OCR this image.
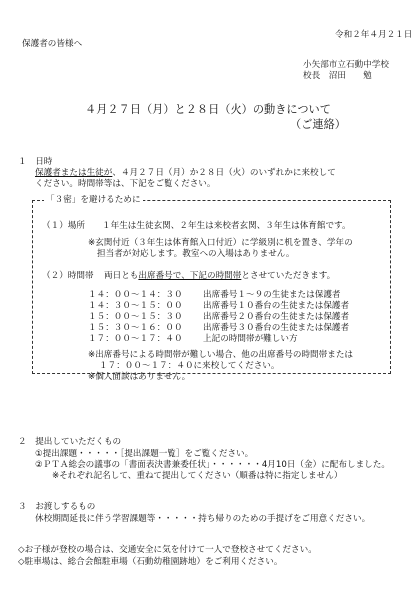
令和２年４月２１日
保護者の皆様へ
小矢部市立石動中学校
校長　沼田　　勉
４月２７日（月）と２８日（火）の動きについて
（ご連絡）
１　日時
保護者または生徒が、４月２７日（月）か２８日（火）のいずれかに来校して
ください。時間帯等は、下記をご覧ください。
「３密」を避けるために
（１）場所 １年生は生徒玄関、２年生は来校者玄関、３年生は体育館です。
※玄関付近（３年生は体育館入口付近）に学級別に机を置き、学年の
担当者が対応します。教室への入場はありません。
（２）時間帯 両日とも出席番号で、下記の時間帯とさせていただきます。
１４：００〜１４：３０ 出席番号１〜９の生徒または保護者
１４：３０〜１５：００ 出席番号１０番台の生徒または保護者
１５：００〜１５：３０ 出席番号２０番台の生徒または保護者
１５：３０〜１６：００ 出席番号３０番台の生徒または保護者
１７：００〜１７：４０ 上記の時間帯が難しい方
※出席番号による時間帯が難しい場合、他の出席番号の時間帯または
１７：００〜１７：４０に来校してください。
※個人面談はありません。
２　提出していただくもの
①提出課題・・・・・［提出課題一覧］をご覧ください。
②ＰＴＡ総会の議事の「書面表決書兼委任状」・・・・・・4月10日（金）に配布しました。
※それぞれ記名して、重ねて提出してください（順番は特に指定しません）
３　お渡しするもの
休校期間延長に伴う学習課題等・・・・・持ち帰りのための手提げをご用意ください。
◇お子様が登校の場合は、交通安全に気を付けて一人で登校させてください。
◇駐車場は、総合会館駐車場（石動幼稚園跡地）をご利用ください。
